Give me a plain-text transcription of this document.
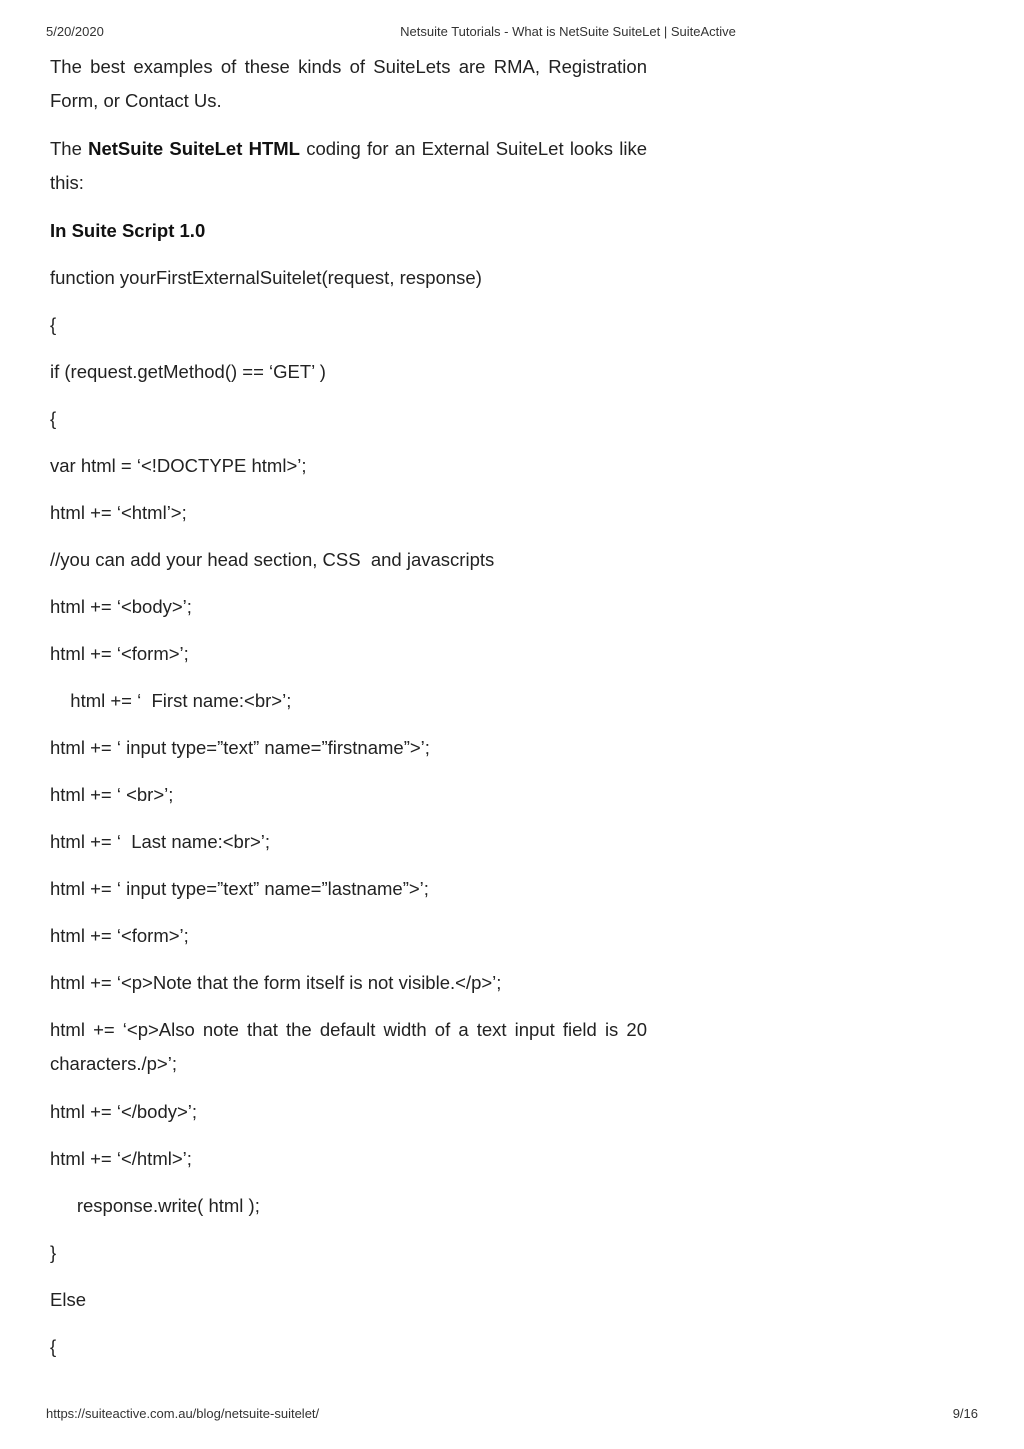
5/20/2020	Netsuite Tutorials - What is NetSuite SuiteLet | SuiteActive

The best examples of these kinds of SuiteLets are RMA, Registration Form, or Contact Us.

The NetSuite SuiteLet HTML coding for an External SuiteLet looks like this:

In Suite Script 1.0

function yourFirstExternalSuitelet(request, response)
{
if (request.getMethod() == ‘GET’ )
{
var html = ‘<!DOCTYPE html>’;
html += ‘<html’>;
//you can add your head section, CSS  and javascripts
html += ‘<body>’;
html += ‘<form>’;
html += ‘  First name:<br>’;
html += ‘ input type=”text” name=”firstname”>’;
html += ‘ <br>’;
html += ‘  Last name:<br>’;
html += ‘ input type=”text” name=”lastname”>’;
html += ‘<form>’;
html += ‘<p>Note that the form itself is not visible.</p>’;

html += ‘<p>Also note that the default width of a text input field is 20 characters./p>’;

html += ‘</body>’;
html += ‘</html>’;
response.write( html );
}
Else
{
https://suiteactive.com.au/blog/netsuite-suitelet/	9/16
